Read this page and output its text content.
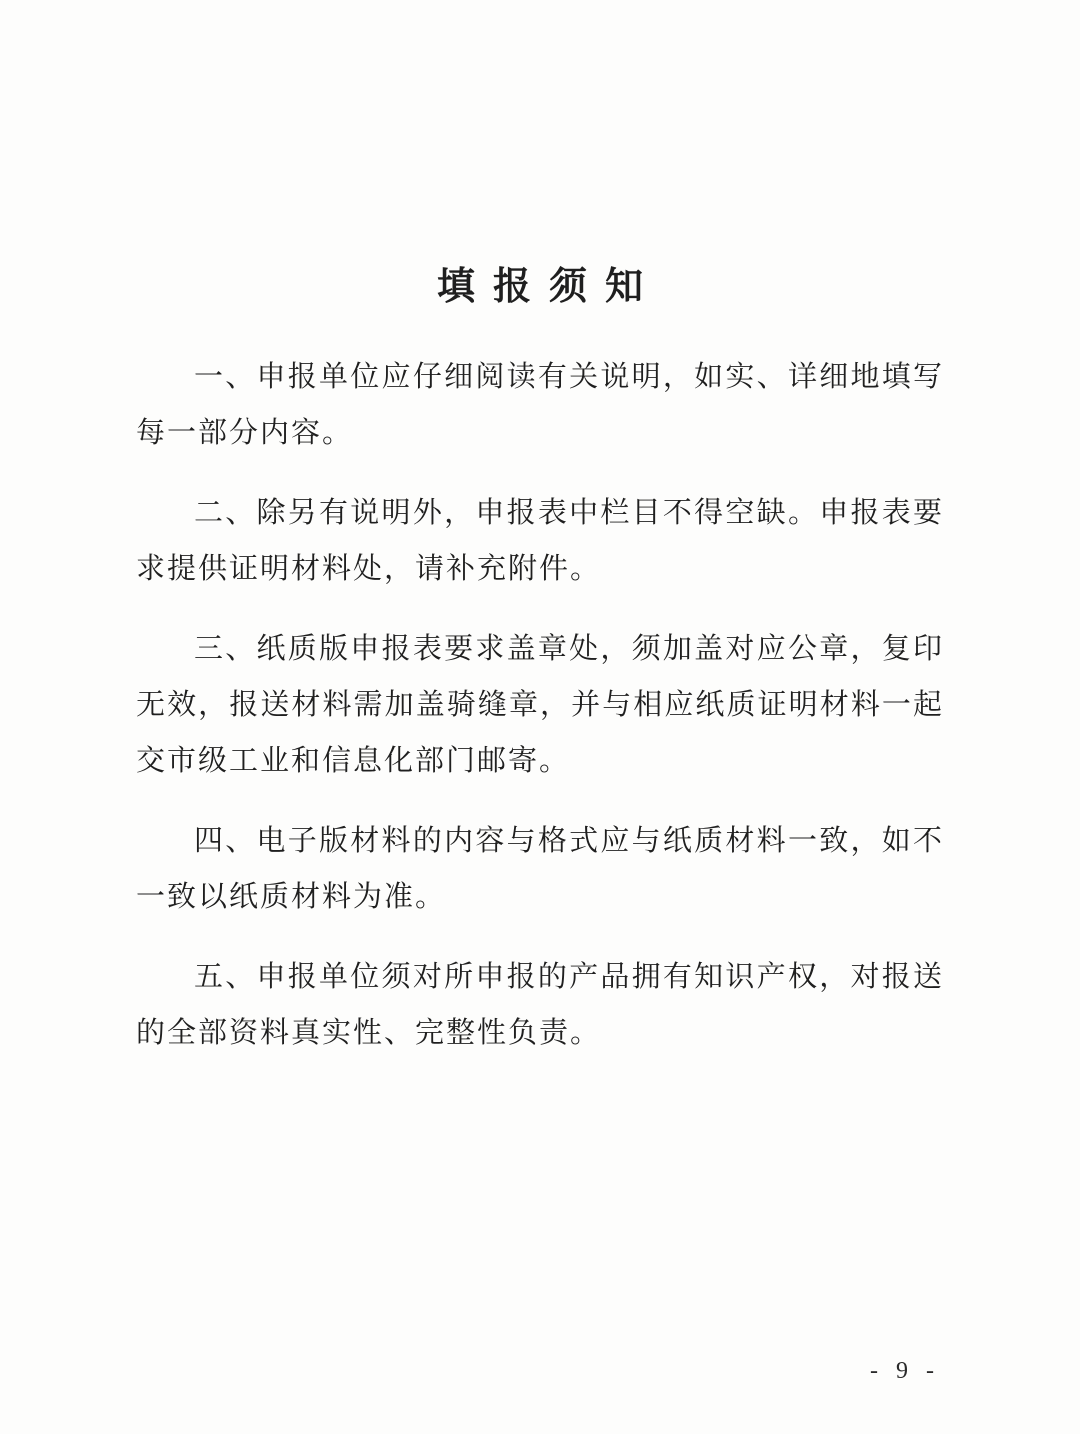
填报须知

一、申报单位应仔细阅读有关说明，如实、详细地填写每一部分内容。

二、除另有说明外，申报表中栏目不得空缺。申报表要求提供证明材料处，请补充附件。

三、纸质版申报表要求盖章处，须加盖对应公章，复印无效，报送材料需加盖骑缝章，并与相应纸质证明材料一起交市级工业和信息化部门邮寄。

四、电子版材料的内容与格式应与纸质材料一致，如不一致以纸质材料为准。

五、申报单位须对所申报的产品拥有知识产权，对报送的全部资料真实性、完整性负责。

- 9 -
